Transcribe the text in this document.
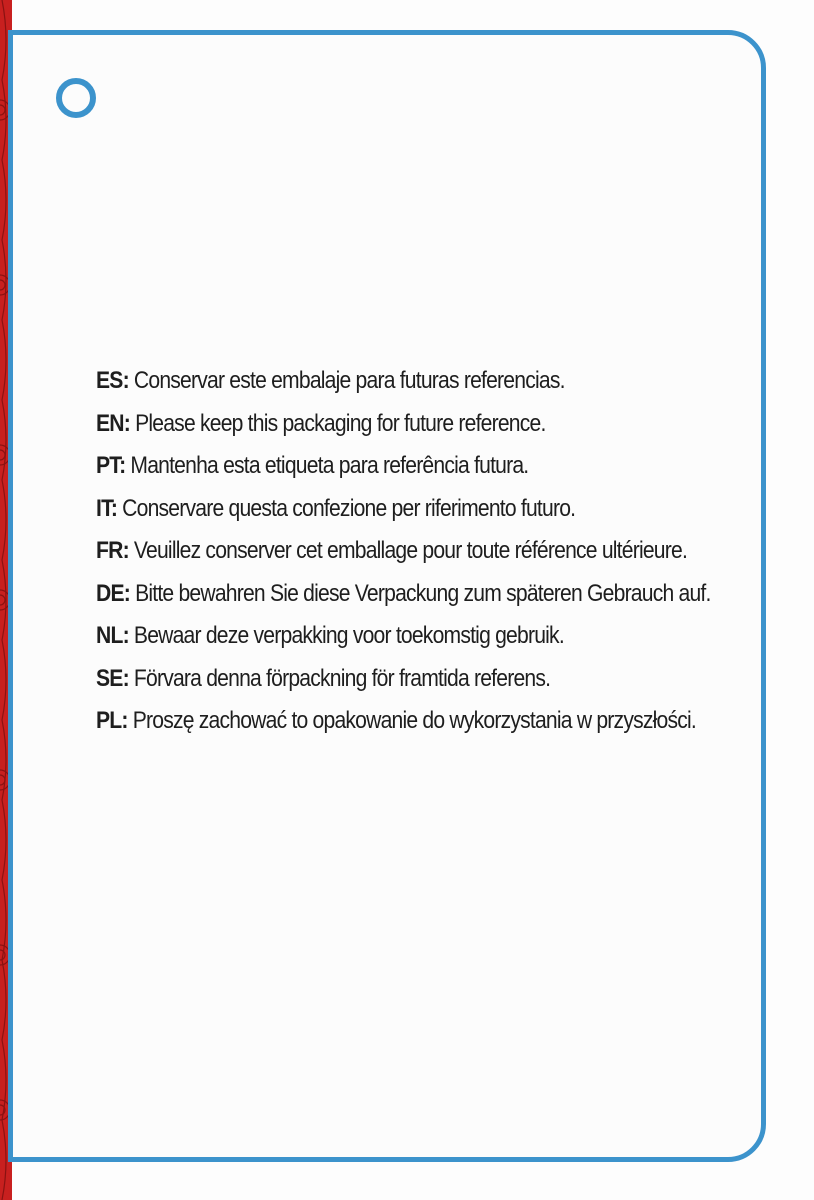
ES: Conservar este embalaje para futuras referencias.

EN: Please keep this packaging for future reference.

PT: Mantenha esta etiqueta para referência futura.

IT: Conservare questa confezione per riferimento futuro.

FR: Veuillez conserver cet emballage pour toute référence ultérieure.

DE: Bitte bewahren Sie diese Verpackung zum späteren Gebrauch auf.

NL: Bewaar deze verpakking voor toekomstig gebruik.

SE: Förvara denna förpackning för framtida referens.

PL: Proszę zachować to opakowanie do wykorzystania w przyszłości.
